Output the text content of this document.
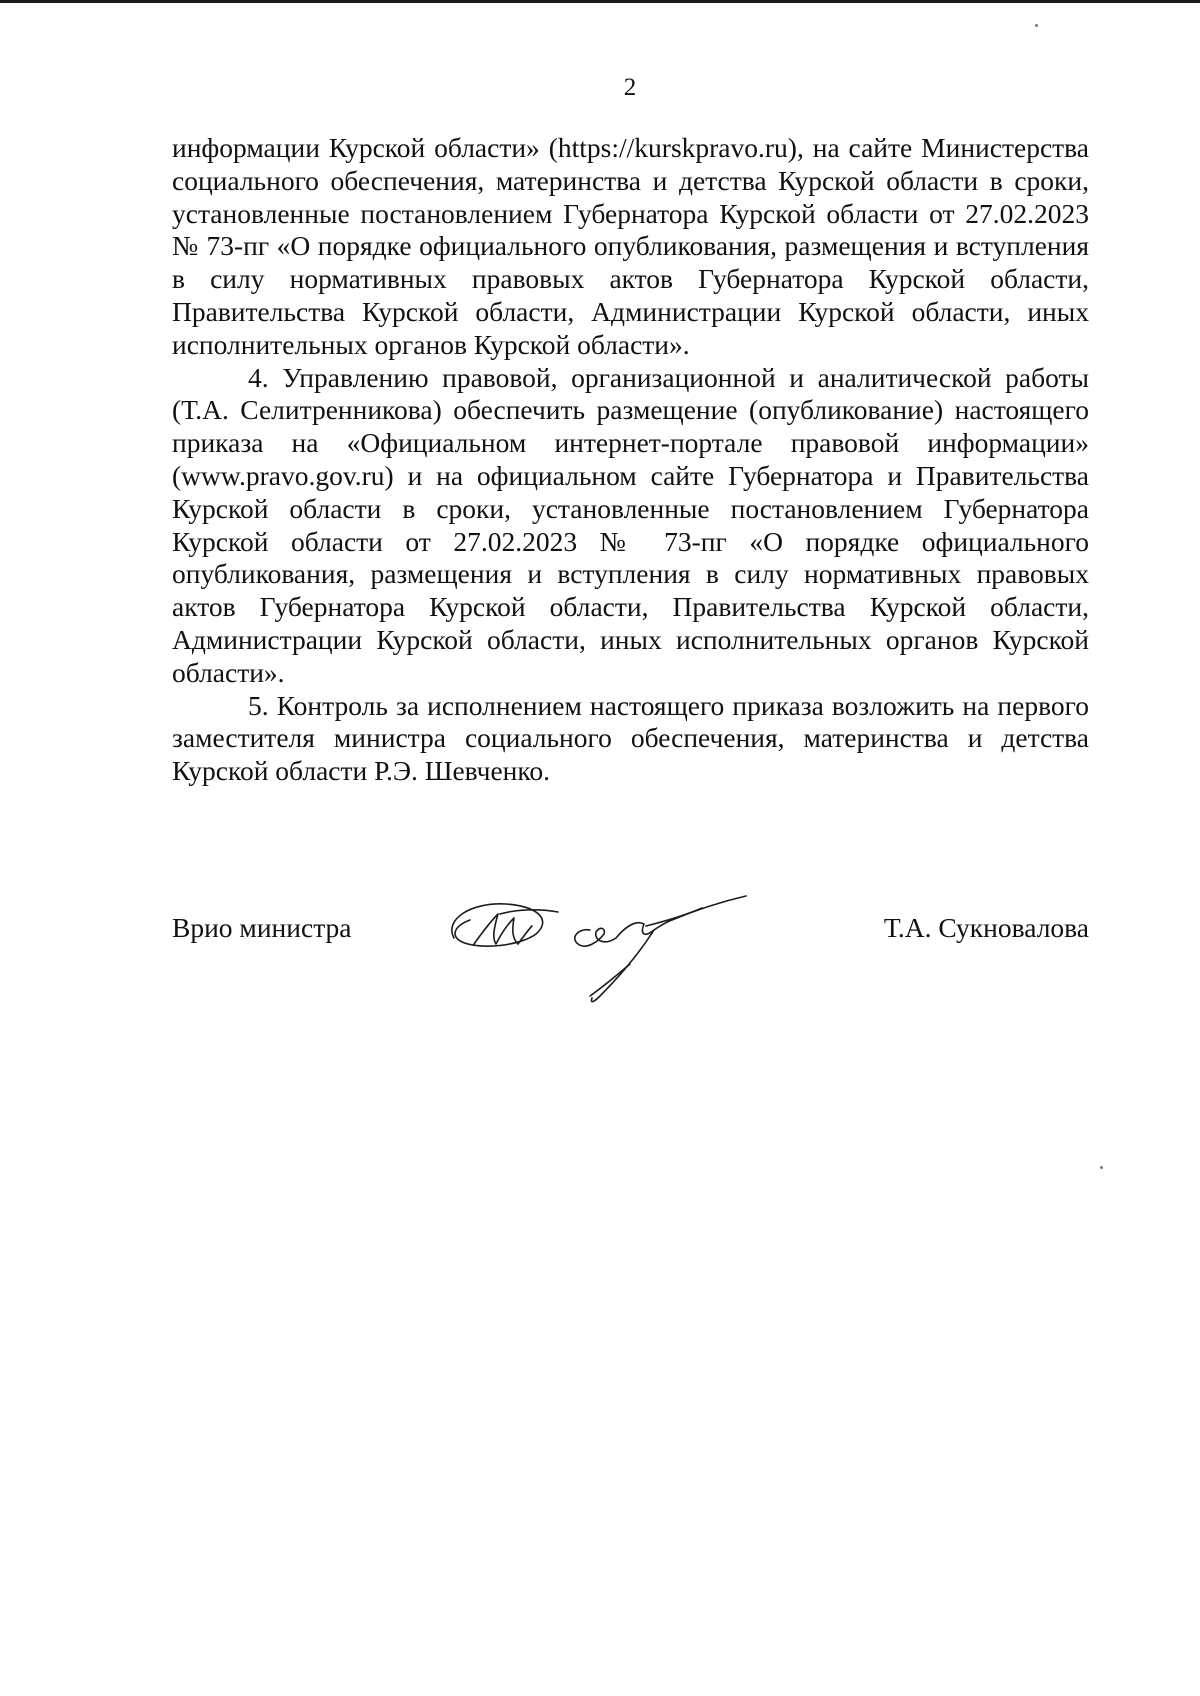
2

информации Курской области» (https://kurskpravo.ru), на сайте Министерства социального обеспечения, материнства и детства Курской области в сроки, установленные постановлением Губернатора Курской области от 27.02.2023 № 73-пг «О порядке официального опубликования, размещения и вступления в силу нормативных правовых актов Губернатора Курской области, Правительства Курской области, Администрации Курской области, иных исполнительных органов Курской области».

4. Управлению правовой, организационной и аналитической работы (Т.А. Селитренникова) обеспечить размещение (опубликование) настоящего приказа на «Официальном интернет-портале правовой информации» (www.pravo.gov.ru) и на официальном сайте Губернатора и Правительства Курской области в сроки, установленные постановлением Губернатора Курской области от 27.02.2023 № 73-пг «О порядке официального опубликования, размещения и вступления в силу нормативных правовых актов Губернатора Курской области, Правительства Курской области, Администрации Курской области, иных исполнительных органов Курской области».

5. Контроль за исполнением настоящего приказа возложить на первого заместителя министра социального обеспечения, материнства и детства Курской области Р.Э. Шевченко.

Врио министра	Т.А. Сукновалова
